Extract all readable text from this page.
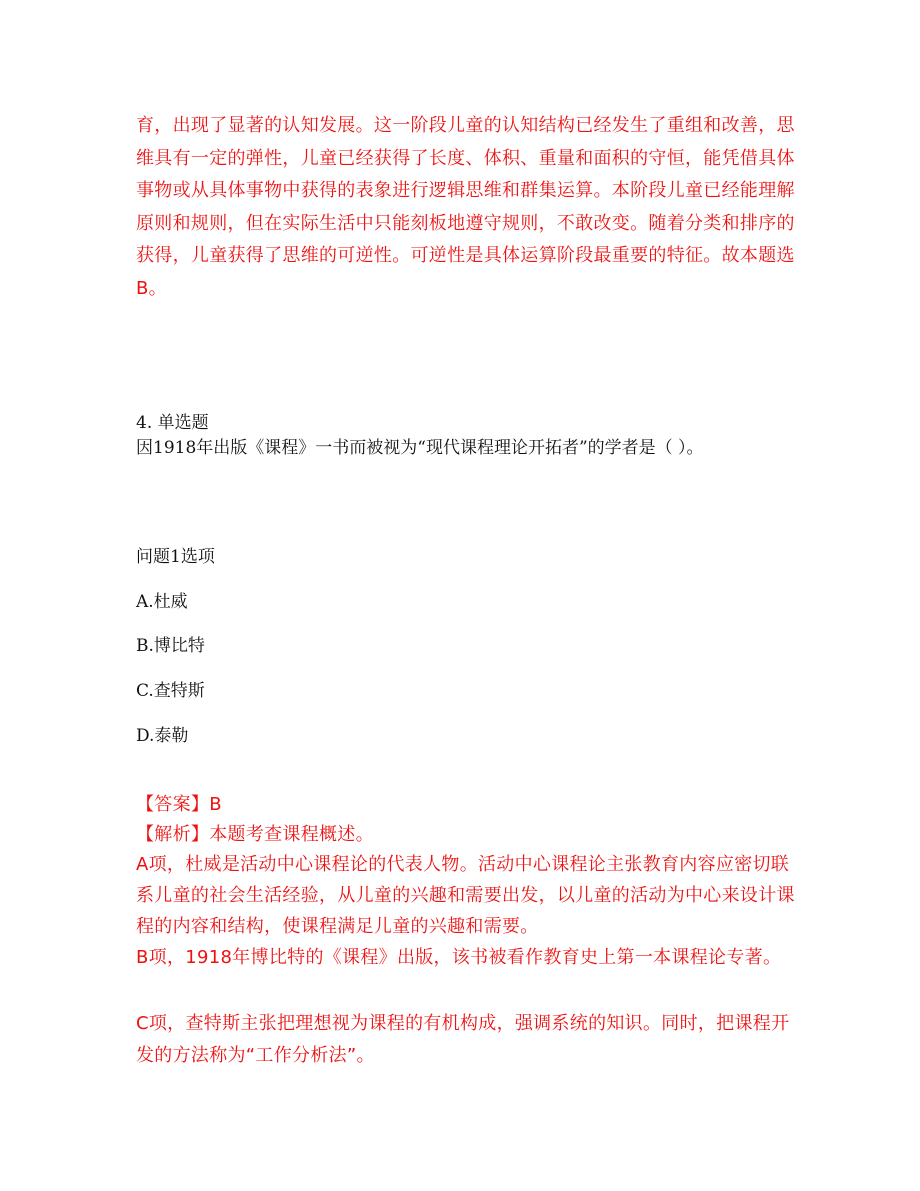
育，出现了显著的认知发展。这一阶段儿童的认知结构已经发生了重组和改善，思

维具有一定的弹性，儿童已经获得了长度、体积、重量和面积的守恒，能凭借具体

事物或从具体事物中获得的表象进行逻辑思维和群集运算。本阶段儿童已经能理解

原则和规则，但在实际生活中只能刻板地遵守规则，不敢改变。随着分类和排序的

获得，儿童获得了思维的可逆性。可逆性是具体运算阶段最重要的特征。故本题选

B。

4. 单选题
因1918年出版《课程》一书而被视为“现代课程理论开拓者”的学者是（ ）。
问题1选项
A.杜威
B.博比特
C.查特斯
D.泰勒
【答案】B
【解析】本题考查课程概述。

A项，杜威是活动中心课程论的代表人物。活动中心课程论主张教育内容应密切联

系儿童的社会生活经验，从儿童的兴趣和需要出发，以儿童的活动为中心来设计课

程的内容和结构，使课程满足儿童的兴趣和需要。

B项，1918年博比特的《课程》出版，该书被看作教育史上第一本课程论专著。

C项，查特斯主张把理想视为课程的有机构成，强调系统的知识。同时，把课程开

发的方法称为“工作分析法”。
